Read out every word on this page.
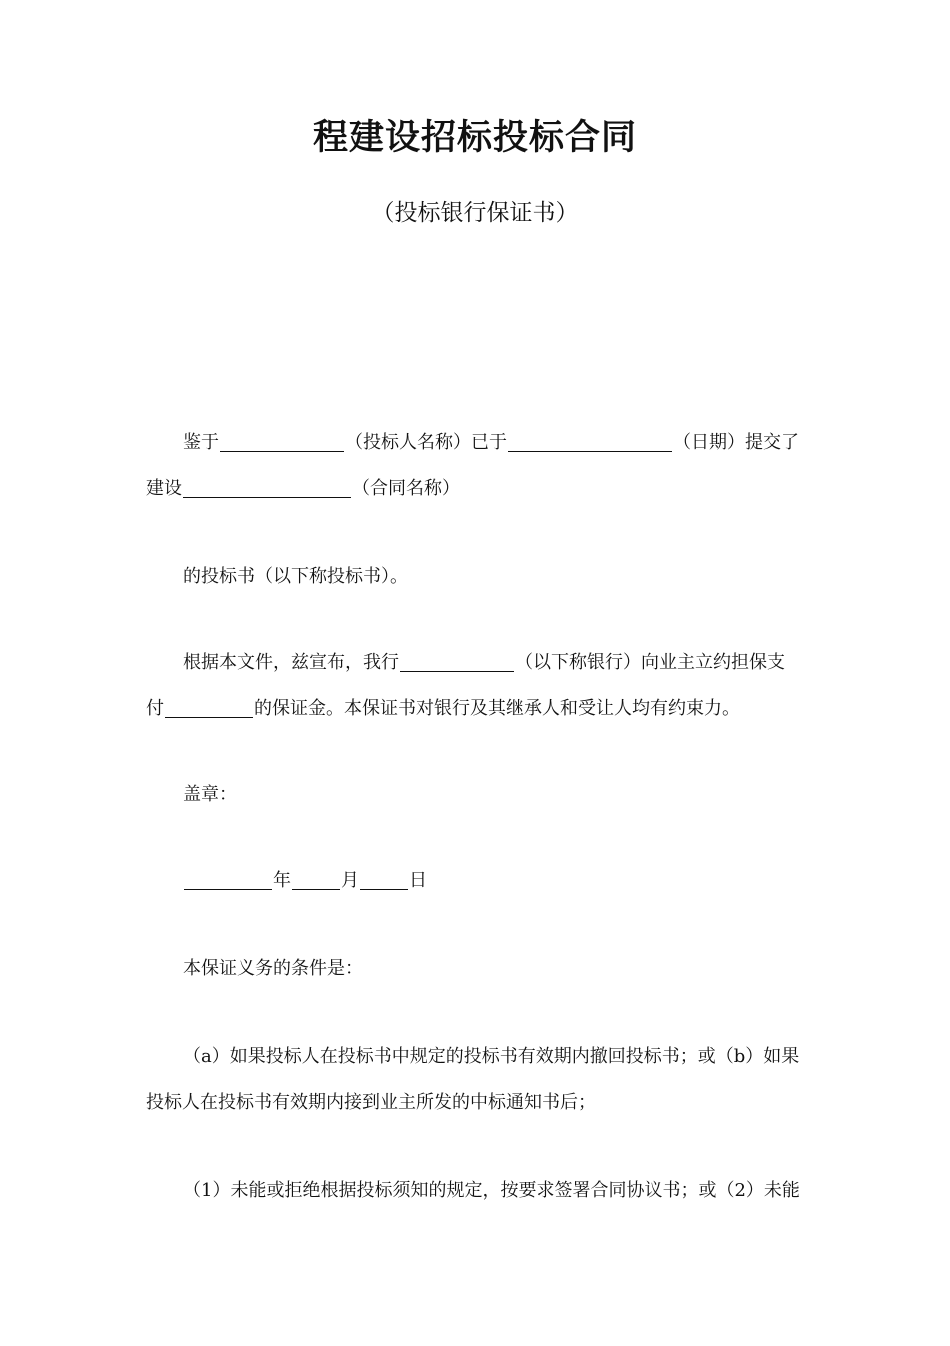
程建设招标投标合同
（投标银行保证书）
鉴于	（投标人名称）已于	（日期）提交了
建设	（合同名称）
的投标书（以下称投标书）。
根据本文件，兹宣布，我行	（以下称银行）向业主立约担保支
付	的保证金。本保证书对银行及其继承人和受让人均有约束力。
盖章：
年	月	日
本保证义务的条件是：
（a）如果投标人在投标书中规定的投标书有效期内撤回投标书；或（b）如果
投标人在投标书有效期内接到业主所发的中标通知书后；
（1）未能或拒绝根据投标须知的规定，按要求签署合同协议书；或（2）未能
